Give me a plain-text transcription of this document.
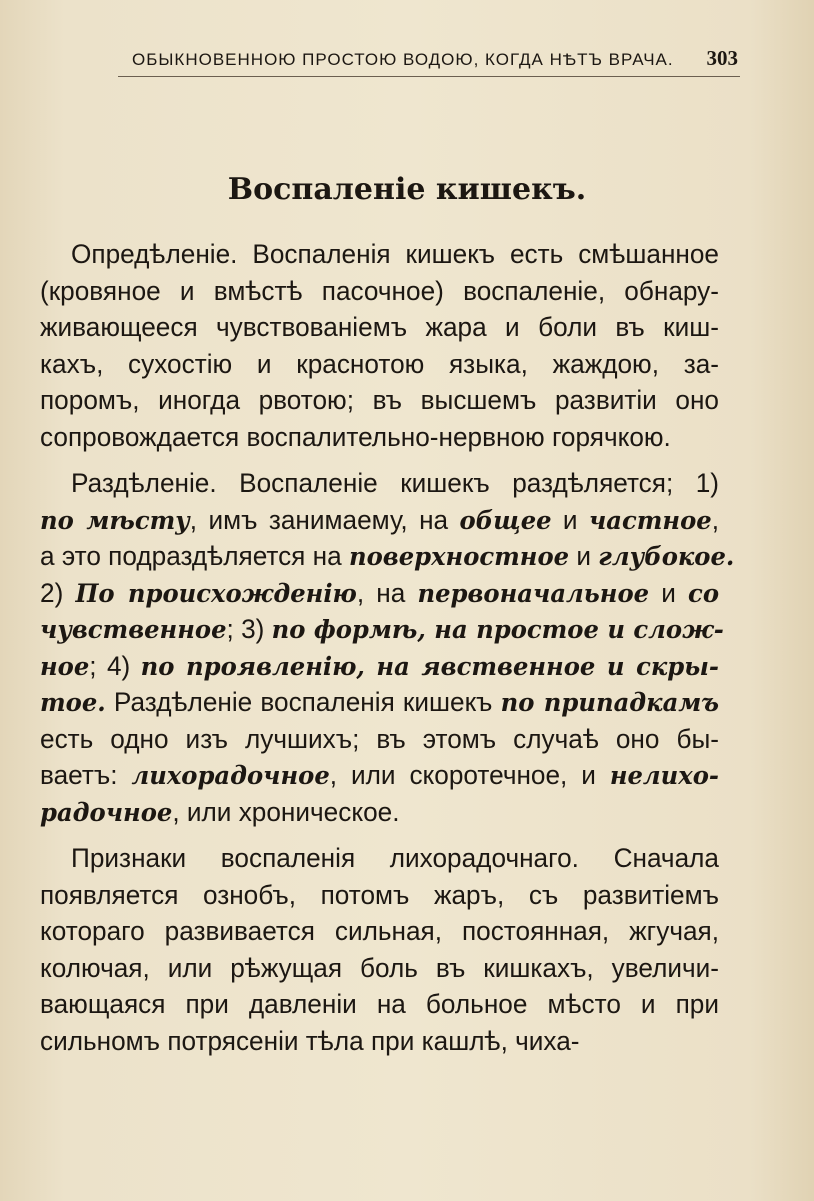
ОБЫКНОВЕННОЮ ПРОСТОЮ ВОДОЮ, КОГДА НѢТЪ ВРАЧА. 303
Воспаленіе кишекъ.
Опредѣленіе. Воспаленія кишекъ есть смѣшанное
(кровяное и вмѣстѣ пасочное) воспаленіе, обнару-
живающееся чувствованіемъ жара и боли въ киш-
кахъ, сухостію и краснотою языка, жаждою, за-
поромъ, иногда рвотою; въ высшемъ развитіи оно
сопровождается воспалительно-нервною горячкою.
Раздѣленіе. Воспаленіе кишекъ раздѣляется; 1)
по мѣсту, имъ занимаему, на общее и частное,
а это подраздѣляется на поверхностное и глубокое.
2) По происхожденію, на первоначальное и со
чувственное; 3) по формѣ, на простое и слож-
ное; 4) по проявленію, на явственное и скры-
тое. Раздѣленіе воспаленія кишекъ по припадкамъ
есть одно изъ лучшихъ; въ этомъ случаѣ оно бы-
ваетъ: лихорадочное, или скоротечное, и нелихо-
радочное, или хроническое.
Признаки воспаленія лихорадочнаго. Сначала
появляется ознобъ, потомъ жаръ, съ развитіемъ
котораго развивается сильная, постоянная, жгучая,
колючая, или рѣжущая боль въ кишкахъ, увеличи-
вающаяся при давленіи на больное мѣсто и при
сильномъ потрясеніи тѣла при кашлѣ, чиха-
